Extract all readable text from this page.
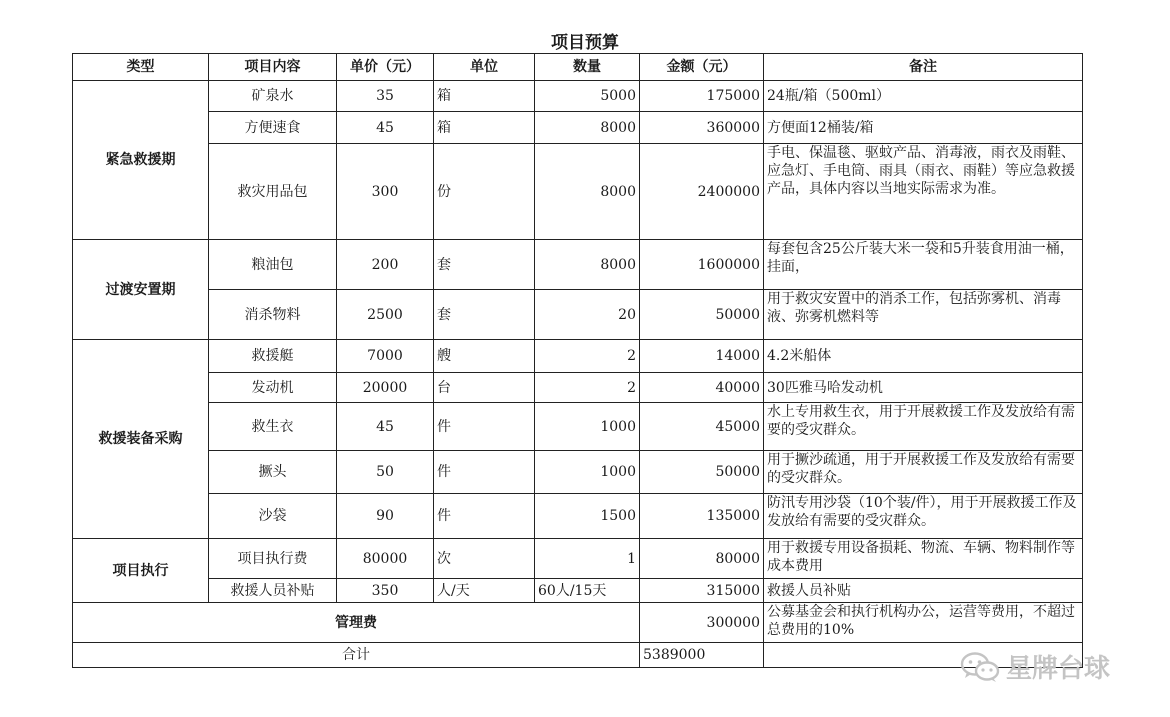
项目预算
类型	项目内容	单价（元）	单位	数量	金额（元）	备注
紧急救援期	矿泉水	35	箱	5000	175000	24瓶/箱（500ml）
	方便速食	45	箱	8000	360000	方便面12桶装/箱
	救灾用品包	300	份	8000	2400000	手电、保温毯、驱蚊产品、消毒液，雨衣及雨鞋、应急灯、手电筒、雨具（雨衣、雨鞋）等应急救援产品，具体内容以当地实际需求为准。
过渡安置期	粮油包	200	套	8000	1600000	每套包含25公斤装大米一袋和5升装食用油一桶，挂面，
	消杀物料	2500	套	20	50000	用于救灾安置中的消杀工作，包括弥雾机、消毒液、弥雾机燃料等
救援装备采购	救援艇	7000	艘	2	14000	4.2米船体
	发动机	20000	台	2	40000	30匹雅马哈发动机
	救生衣	45	件	1000	45000	水上专用救生衣，用于开展救援工作及发放给有需要的受灾群众。
	撅头	50	件	1000	50000	用于撅沙疏通，用于开展救援工作及发放给有需要的受灾群众。
	沙袋	90	件	1500	135000	防汛专用沙袋（10个装/件），用于开展救援工作及发放给有需要的受灾群众。
项目执行	项目执行费	80000	次	1	80000	用于救援专用设备损耗、物流、车辆、物料制作等成本费用
	救援人员补贴	350	人/天	60人/15天	315000	救援人员补贴
管理费					300000	公募基金会和执行机构办公，运营等费用，不超过总费用的10%
合计					5389000		星牌台球
